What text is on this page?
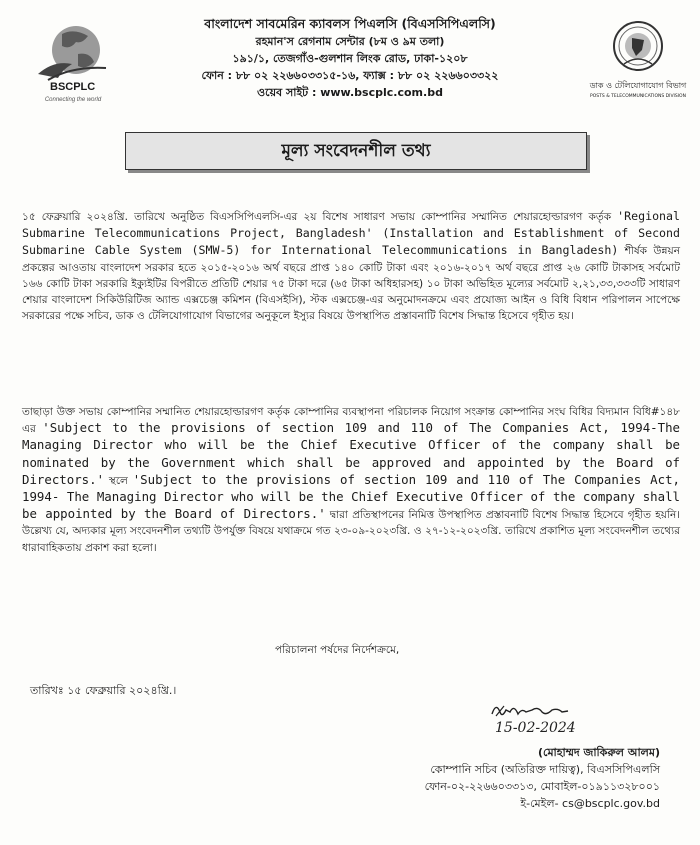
BSCPLC
Connecting the world
বাংলাদেশ সাবমেরিন ক্যাবলস পিএলসি (বিএসসিপিএলসি)
রহমান'স রেগনাম সেন্টার (৮ম ও ৯ম তলা)
১৯১/১, তেজগাঁও-গুলশান লিংক রোড, ঢাকা-১২০৮
ফোন : ৮৮ ০২ ২২৬৬০৩৩১৫-১৬, ফ্যাক্স : ৮৮ ০২ ২২৬৬০৩৩২২
ওয়েব সাইট : www.bscplc.com.bd
ডাক ও টেলিযোগাযোগ বিভাগ
POSTS & TELECOMMUNICATIONS DIVISION
মূল্য সংবেদনশীল তথ্য

১৫ ফেব্রুয়ারি ২০২৪খ্রি. তারিখে অনুষ্ঠিত বিএসসিপিএলসি-এর ২য় বিশেষ সাধারণ সভায় কোম্পানির সম্মানিত শেয়ারহোল্ডারগণ কর্তৃক 'Regional Submarine Telecommunications Project, Bangladesh' (Installation and Establishment of Second Submarine Cable System (SMW-5) for International Telecommunications in Bangladesh) শীর্ষক উন্নয়ন প্রকল্পের আওতায় বাংলাদেশ সরকার হতে ২০১৫-২০১৬ অর্থ বছরে প্রাপ্ত ১৪০ কোটি টাকা এবং ২০১৬-২০১৭ অর্থ বছরে প্রাপ্ত ২৬ কোটি টাকাসহ সর্বমোট ১৬৬ কোটি টাকা সরকারি ইক্যুইটির বিপরীতে প্রতিটি শেয়ার ৭৫ টাকা দরে (৬৫ টাকা অধিহারসহ) ১০ টাকা অভিহিত মূল্যের সর্বমোট ২,২১,৩৩,৩৩৩টি সাধারণ শেয়ার বাংলাদেশ সিকিউরিটিজ অ্যান্ড এক্সচেঞ্জ কমিশন (বিএসইসি), স্টক এক্সচেঞ্জ-এর অনুমোদনক্রমে এবং প্রযোজ্য আইন ও বিধি বিধান পরিপালন সাপেক্ষে সরকারের পক্ষে সচিব, ডাক ও টেলিযোগাযোগ বিভাগের অনুকূলে ইস্যুর বিষয়ে উপস্থাপিত প্রস্তাবনাটি বিশেষ সিদ্ধান্ত হিসেবে গৃহীত হয়।

তাছাড়া উক্ত সভায় কোম্পানির সম্মানিত শেয়ারহোল্ডারগণ কর্তৃক কোম্পানির ব্যবস্থাপনা পরিচালক নিয়োগ সংক্রান্ত কোম্পানির সংঘ বিধির বিদ্যমান বিধি#১৪৮ এর 'Subject to the provisions of section 109 and 110 of The Companies Act, 1994-The Managing Director who will be the Chief Executive Officer of the company shall be nominated by the Government which shall be approved and appointed by the Board of Directors.' স্থলে 'Subject to the provisions of section 109 and 110 of The Companies Act, 1994- The Managing Director who will be the Chief Executive Officer of the company shall be appointed by the Board of Directors.' দ্বারা প্রতিস্থাপনের নিমিত্ত উপস্থাপিত প্রস্তাবনাটি বিশেষ সিদ্ধান্ত হিসেবে গৃহীত হয়নি। উল্লেখ্য যে, অদ্যকার মূল্য সংবেদনশীল তথ্যটি উপর্যুক্ত বিষয়ে যথাক্রমে গত ২৩-০৯-২০২৩খ্রি. ও ২৭-১২-২০২৩খ্রি. তারিখে প্রকাশিত মূল্য সংবেদনশীল তথ্যের ধারাবাহিকতায় প্রকাশ করা হলো।

পরিচালনা পর্ষদের নির্দেশক্রমে,
তারিখঃ ১৫ ফেব্রুয়ারি ২০২৪খ্রি.।
15-02-2024
(মোহাম্মদ জাকিরুল আলম)
কোম্পানি সচিব (অতিরিক্ত দায়িত্ব), বিএসসিপিএলসি
ফোন-০২-২২৬৬০৩৩১৩, মোবাইল-০১৯১১৩২৮০০১
ই-মেইল- cs@bscplc.gov.bd
